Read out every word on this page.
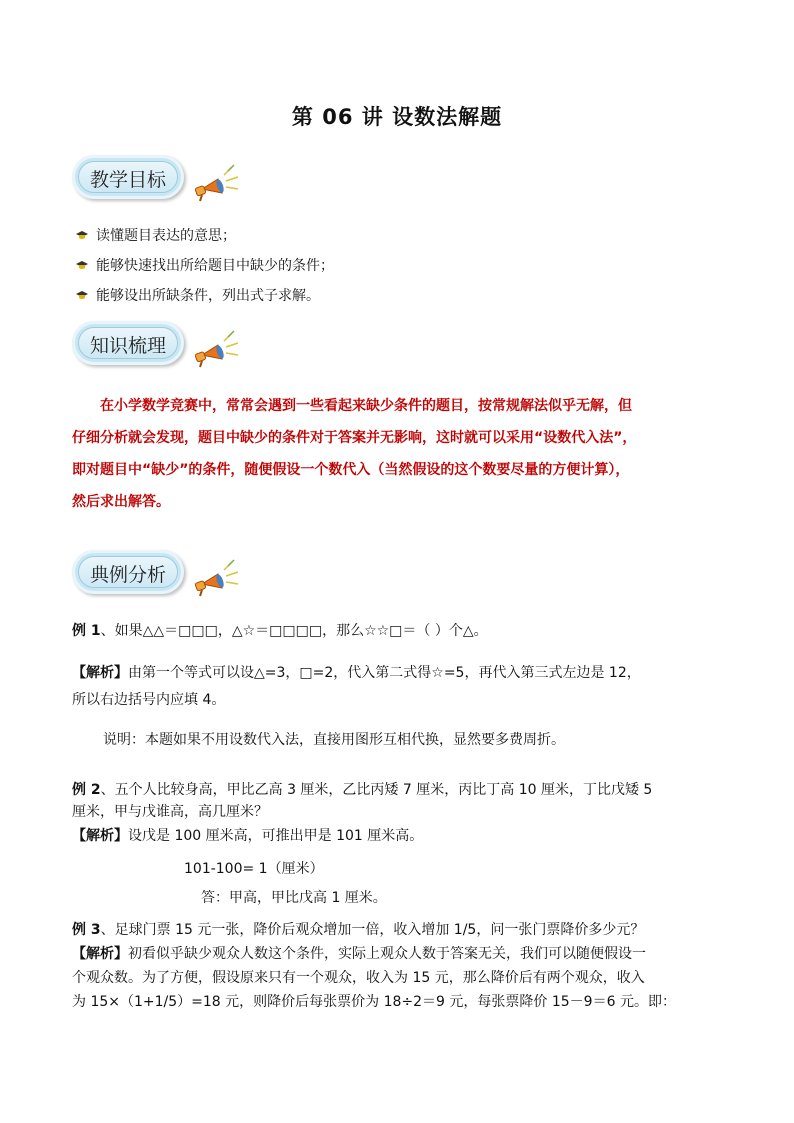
第 06 讲 设数法解题
教学目标
读懂题目表达的意思；
能够快速找出所给题目中缺少的条件；
能够设出所缺条件，列出式子求解。
知识梳理
　　在小学数学竞赛中，常常会遇到一些看起来缺少条件的题目，按常规解法似乎无解，但
仔细分析就会发现，题目中缺少的条件对于答案并无影响，这时就可以采用“设数代入法”，
即对题目中“缺少”的条件，随便假设一个数代入（当然假设的这个数要尽量的方便计算），
然后求出解答。
典例分析
例 1、如果△△＝□□□，△☆＝□□□□，那么☆☆□＝（ ）个△。
【解析】由第一个等式可以设△=3，□=2，代入第二式得☆=5，再代入第三式左边是 12，
所以右边括号内应填 4。
说明：本题如果不用设数代入法，直接用图形互相代换，显然要多费周折。
例 2、五个人比较身高，甲比乙高 3 厘米，乙比丙矮 7 厘米，丙比丁高 10 厘米，丁比戊矮 5
厘米，甲与戊谁高，高几厘米？
【解析】设戊是 100 厘米高，可推出甲是 101 厘米高。
101-100= 1（厘米）
答：甲高，甲比戊高 1 厘米。
例 3、足球门票 15 元一张，降价后观众增加一倍，收入增加 1/5，问一张门票降价多少元？
【解析】初看似乎缺少观众人数这个条件，实际上观众人数于答案无关，我们可以随便假设一
个观众数。为了方便，假设原来只有一个观众，收入为 15 元，那么降价后有两个观众，收入
为 15×（1+1/5）=18 元，则降价后每张票价为 18÷2＝9 元，每张票降价 15－9＝6 元。即：
